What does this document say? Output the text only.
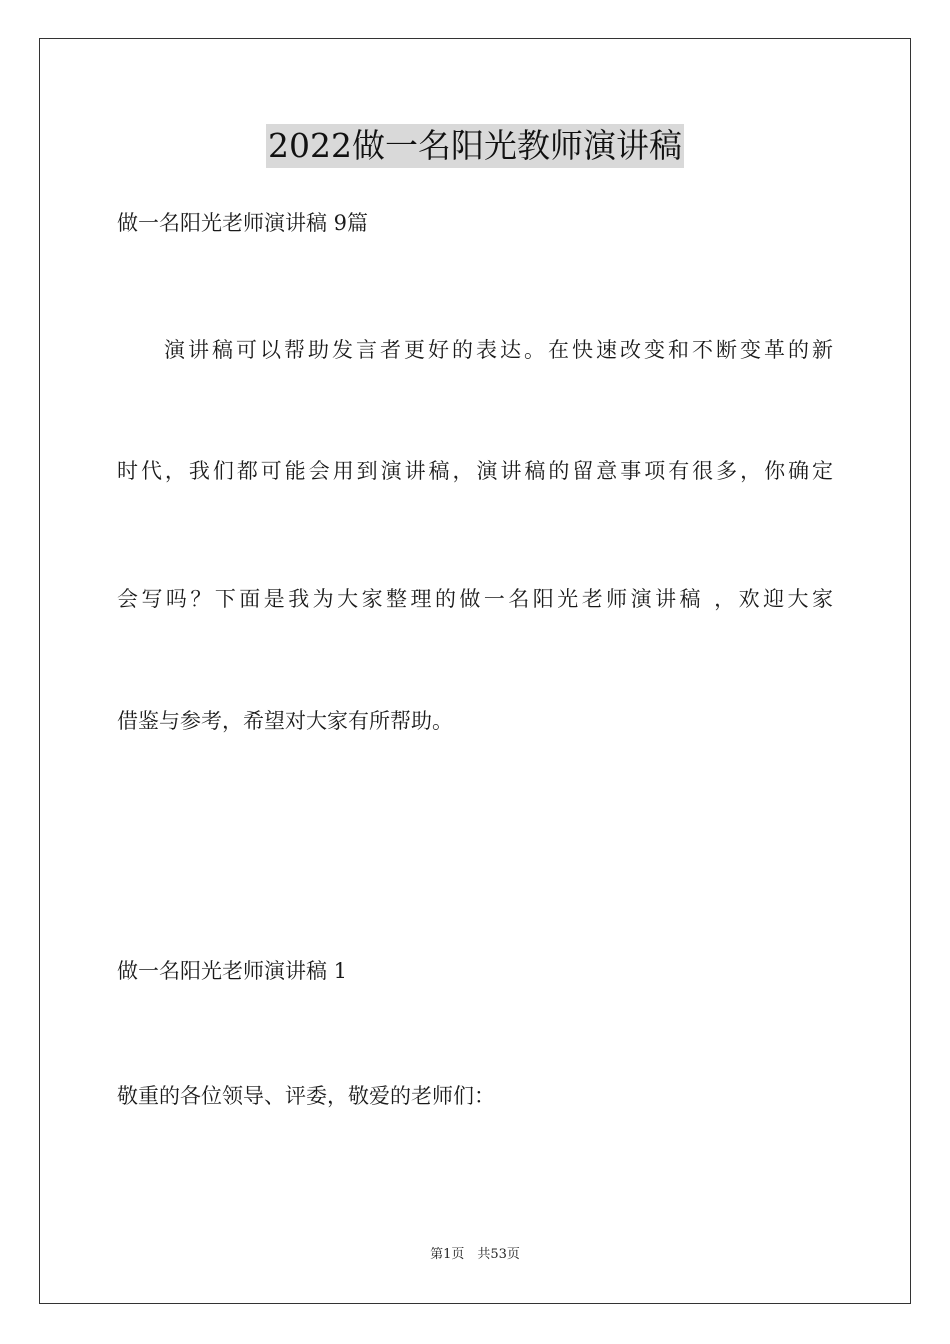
2022做一名阳光教师演讲稿
做一名阳光老师演讲稿 9篇
演讲稿可以帮助发言者更好的表达。在快速改变和不断变革的新
时代，我们都可能会用到演讲稿，演讲稿的留意事项有很多，你确定
会写吗？下面是我为大家整理的做一名阳光老师演讲稿 ，欢迎大家
借鉴与参考，希望对大家有所帮助。
做一名阳光老师演讲稿 1
敬重的各位领导、评委，敬爱的老师们：
第1页　共53页
